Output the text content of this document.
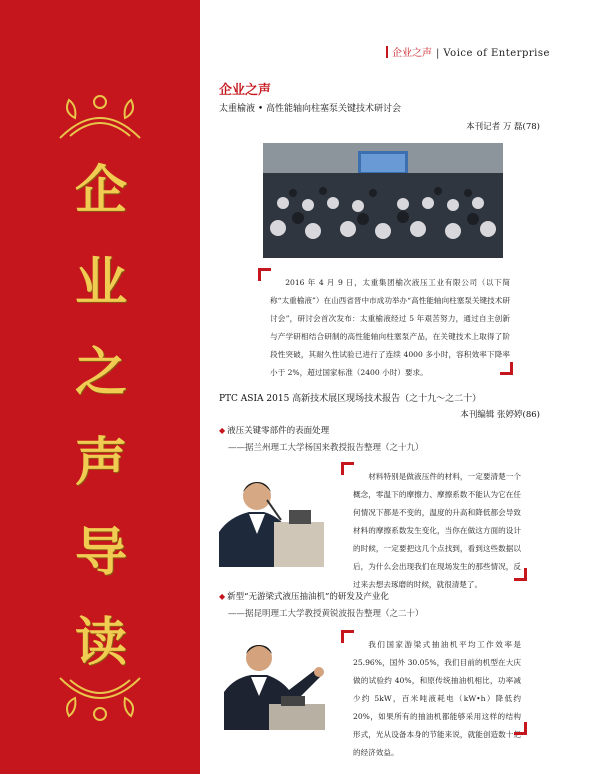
企
业
之
声
导
读
企业之声 | Voice of Enterprise
企业之声
太重榆液 • 高性能轴向柱塞泵关键技术研讨会
本刊记者 万 磊(78)

2016 年 4 月 9 日，太重集团榆次液压工业有限公司（以下简称“太重榆液”）在山西省晋中市成功举办“高性能轴向柱塞泵关键技术研讨会”，研讨会首次发布：太重榆液经过 5 年艰苦努力，通过自主创新与产学研相结合研制的高性能轴向柱塞泵产品，在关键技术上取得了阶段性突破，其耐久性试验已进行了连续 4000 多小时，容积效率下降率小于 2%，超过国家标准（2400 小时）要求。

PTC ASIA 2015 高新技术展区现场技术报告（之十九～之二十）
本刊编辑 张婷婷(86)
◆ 液压关键零部件的表面处理
——据兰州理工大学杨国来教授报告整理（之十九）

材料特别是做液压件的材料，一定要清楚一个概念，零温下的摩擦力、摩擦系数不能认为它在任何情况下都是不变的，温度的升高和降低都会导致材料的摩擦系数发生变化，当你在做这方面的设计的时候，一定要把这几个点找到，看到这些数据以后，为什么会出现我们在现场发生的那些情况，反过来去想去琢磨的时候，就很清楚了。

◆ 新型“无游梁式液压抽油机”的研发及产业化
——据昆明理工大学教授黄锐波报告整理（之二十）

我们国家游梁式抽油机平均工作效率是 25.96%，国外 30.05%，我们目前的机型在大庆做的试验约 40%，和原传统抽油机相比，功率减少约 5kW，百米吨液耗电（kW•h）降低约 20%，如果所有的抽油机都能够采用这样的结构形式，光从设备本身的节能来说，就能创造数十亿的经济效益。
